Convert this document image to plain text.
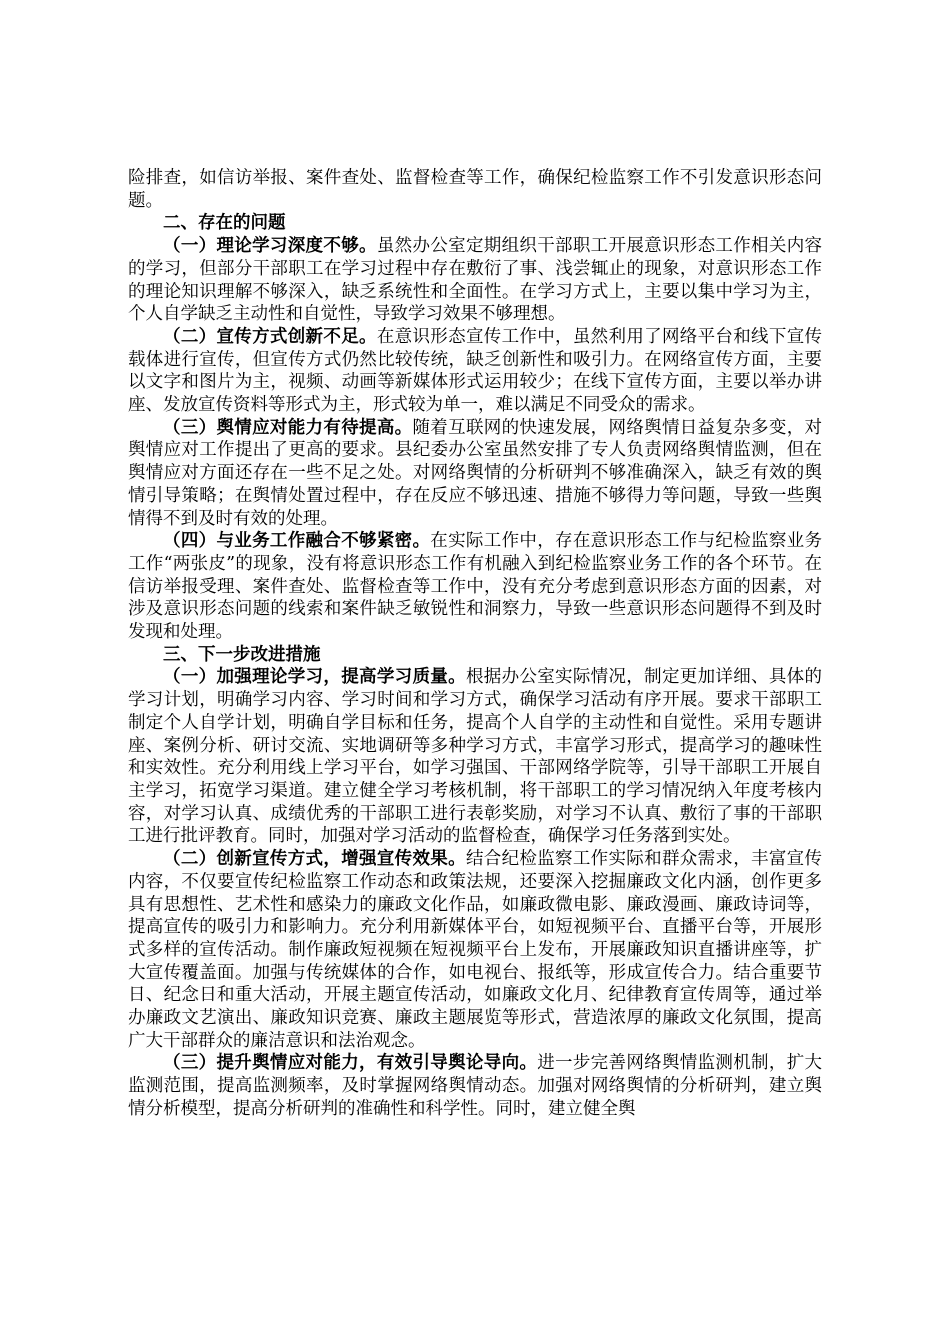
险排查，如信访举报、案件查处、监督检查等工作，确保纪检监察工作不引发意识形态问题。

二、存在的问题

（一）理论学习深度不够。虽然办公室定期组织干部职工开展意识形态工作相关内容的学习，但部分干部职工在学习过程中存在敷衍了事、浅尝辄止的现象，对意识形态工作的理论知识理解不够深入，缺乏系统性和全面性。在学习方式上，主要以集中学习为主，个人自学缺乏主动性和自觉性，导致学习效果不够理想。

（二）宣传方式创新不足。在意识形态宣传工作中，虽然利用了网络平台和线下宣传载体进行宣传，但宣传方式仍然比较传统，缺乏创新性和吸引力。在网络宣传方面，主要以文字和图片为主，视频、动画等新媒体形式运用较少；在线下宣传方面，主要以举办讲座、发放宣传资料等形式为主，形式较为单一，难以满足不同受众的需求。

（三）舆情应对能力有待提高。随着互联网的快速发展，网络舆情日益复杂多变，对舆情应对工作提出了更高的要求。县纪委办公室虽然安排了专人负责网络舆情监测，但在舆情应对方面还存在一些不足之处。对网络舆情的分析研判不够准确深入，缺乏有效的舆情引导策略；在舆情处置过程中，存在反应不够迅速、措施不够得力等问题，导致一些舆情得不到及时有效的处理。

（四）与业务工作融合不够紧密。在实际工作中，存在意识形态工作与纪检监察业务工作“两张皮”的现象，没有将意识形态工作有机融入到纪检监察业务工作的各个环节。在信访举报受理、案件查处、监督检查等工作中，没有充分考虑到意识形态方面的因素，对涉及意识形态问题的线索和案件缺乏敏锐性和洞察力，导致一些意识形态问题得不到及时发现和处理。

三、下一步改进措施

（一）加强理论学习，提高学习质量。根据办公室实际情况，制定更加详细、具体的学习计划，明确学习内容、学习时间和学习方式，确保学习活动有序开展。要求干部职工制定个人自学计划，明确自学目标和任务，提高个人自学的主动性和自觉性。采用专题讲座、案例分析、研讨交流、实地调研等多种学习方式，丰富学习形式，提高学习的趣味性和实效性。充分利用线上学习平台，如学习强国、干部网络学院等，引导干部职工开展自主学习，拓宽学习渠道。建立健全学习考核机制，将干部职工的学习情况纳入年度考核内容，对学习认真、成绩优秀的干部职工进行表彰奖励，对学习不认真、敷衍了事的干部职工进行批评教育。同时，加强对学习活动的监督检查，确保学习任务落到实处。

（二）创新宣传方式，增强宣传效果。结合纪检监察工作实际和群众需求，丰富宣传内容，不仅要宣传纪检监察工作动态和政策法规，还要深入挖掘廉政文化内涵，创作更多具有思想性、艺术性和感染力的廉政文化作品，如廉政微电影、廉政漫画、廉政诗词等，提高宣传的吸引力和影响力。充分利用新媒体平台，如短视频平台、直播平台等，开展形式多样的宣传活动。制作廉政短视频在短视频平台上发布，开展廉政知识直播讲座等，扩大宣传覆盖面。加强与传统媒体的合作，如电视台、报纸等，形成宣传合力。结合重要节日、纪念日和重大活动，开展主题宣传活动，如廉政文化月、纪律教育宣传周等，通过举办廉政文艺演出、廉政知识竞赛、廉政主题展览等形式，营造浓厚的廉政文化氛围，提高广大干部群众的廉洁意识和法治观念。

（三）提升舆情应对能力，有效引导舆论导向。进一步完善网络舆情监测机制，扩大监测范围，提高监测频率，及时掌握网络舆情动态。加强对网络舆情的分析研判，建立舆情分析模型，提高分析研判的准确性和科学性。同时，建立健全舆
